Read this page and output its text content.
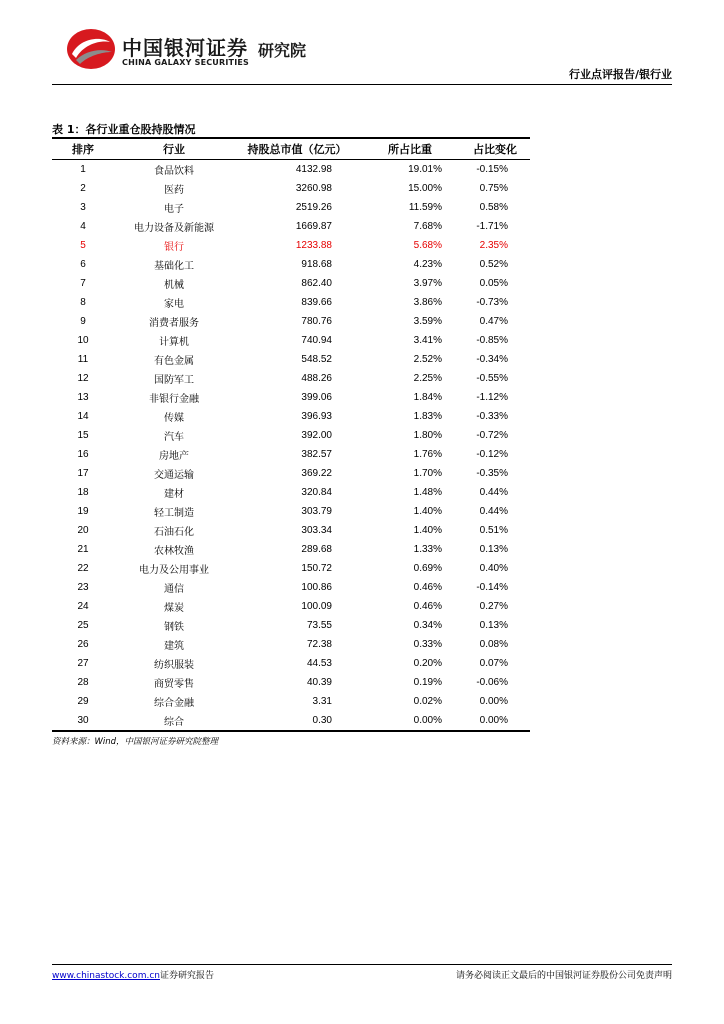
中国银河证券
CHINA GALAXY SECURITIES
研究院
行业点评报告/银行业
表 1：各行业重仓股持股情况
排序	行业	持股总市值（亿元）	所占比重	占比变化
1	食品饮料	4132.98	19.01%	-0.15%
2	医药	3260.98	15.00%	0.75%
3	电子	2519.26	11.59%	0.58%
4	电力设备及新能源	1669.87	7.68%	-1.71%
5	银行	1233.88	5.68%	2.35%
6	基础化工	918.68	4.23%	0.52%
7	机械	862.40	3.97%	0.05%
8	家电	839.66	3.86%	-0.73%
9	消费者服务	780.76	3.59%	0.47%
10	计算机	740.94	3.41%	-0.85%
11	有色金属	548.52	2.52%	-0.34%
12	国防军工	488.26	2.25%	-0.55%
13	非银行金融	399.06	1.84%	-1.12%
14	传媒	396.93	1.83%	-0.33%
15	汽车	392.00	1.80%	-0.72%
16	房地产	382.57	1.76%	-0.12%
17	交通运输	369.22	1.70%	-0.35%
18	建材	320.84	1.48%	0.44%
19	轻工制造	303.79	1.40%	0.44%
20	石油石化	303.34	1.40%	0.51%
21	农林牧渔	289.68	1.33%	0.13%
22	电力及公用事业	150.72	0.69%	0.40%
23	通信	100.86	0.46%	-0.14%
24	煤炭	100.09	0.46%	0.27%
25	钢铁	73.55	0.34%	0.13%
26	建筑	72.38	0.33%	0.08%
27	纺织服装	44.53	0.20%	0.07%
28	商贸零售	40.39	0.19%	-0.06%
29	综合金融	3.31	0.02%	0.00%
30	综合	0.30	0.00%	0.00%
资料来源：Wind，中国银河证券研究院整理
www.chinastock.com.cn证券研究报告	请务必阅读正文最后的中国银河证券股份公司免责声明
